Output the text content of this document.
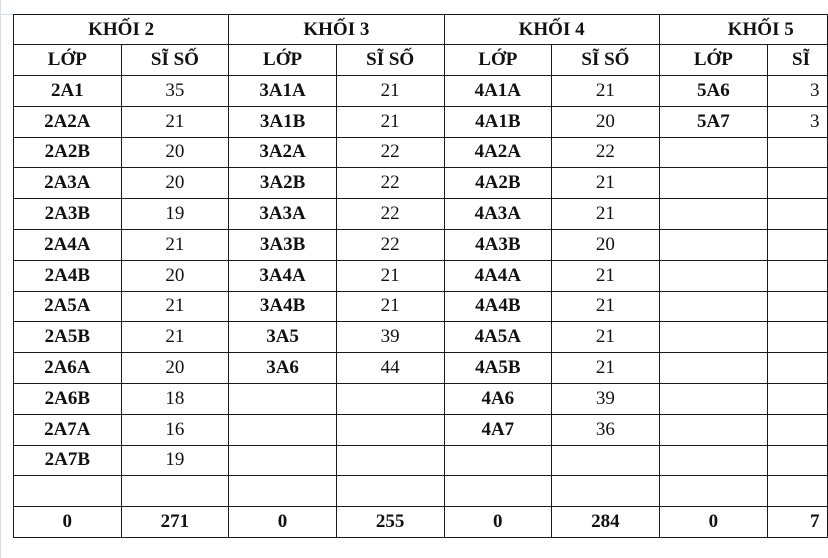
KHỐI 2		KHỐI 3		KHỐI 4		KHỐI 5	
LỚP	SĨ SỐ	LỚP	SĨ SỐ	LỚP	SĨ SỐ	LỚP	SĨ
2A1	35	3A1A	21	4A1A	21	5A6	3
2A2A	21	3A1B	21	4A1B	20	5A7	3
2A2B	20	3A2A	22	4A2A	22		
2A3A	20	3A2B	22	4A2B	21		
2A3B	19	3A3A	22	4A3A	21		
2A4A	21	3A3B	22	4A3B	20		
2A4B	20	3A4A	21	4A4A	21		
2A5A	21	3A4B	21	4A4B	21		
2A5B	21	3A5	39	4A5A	21		
2A6A	20	3A6	44	4A5B	21		
2A6B	18			4A6	39		
2A7A	16			4A7	36		
2A7B	19						

0	271	0	255	0	284	0	7
